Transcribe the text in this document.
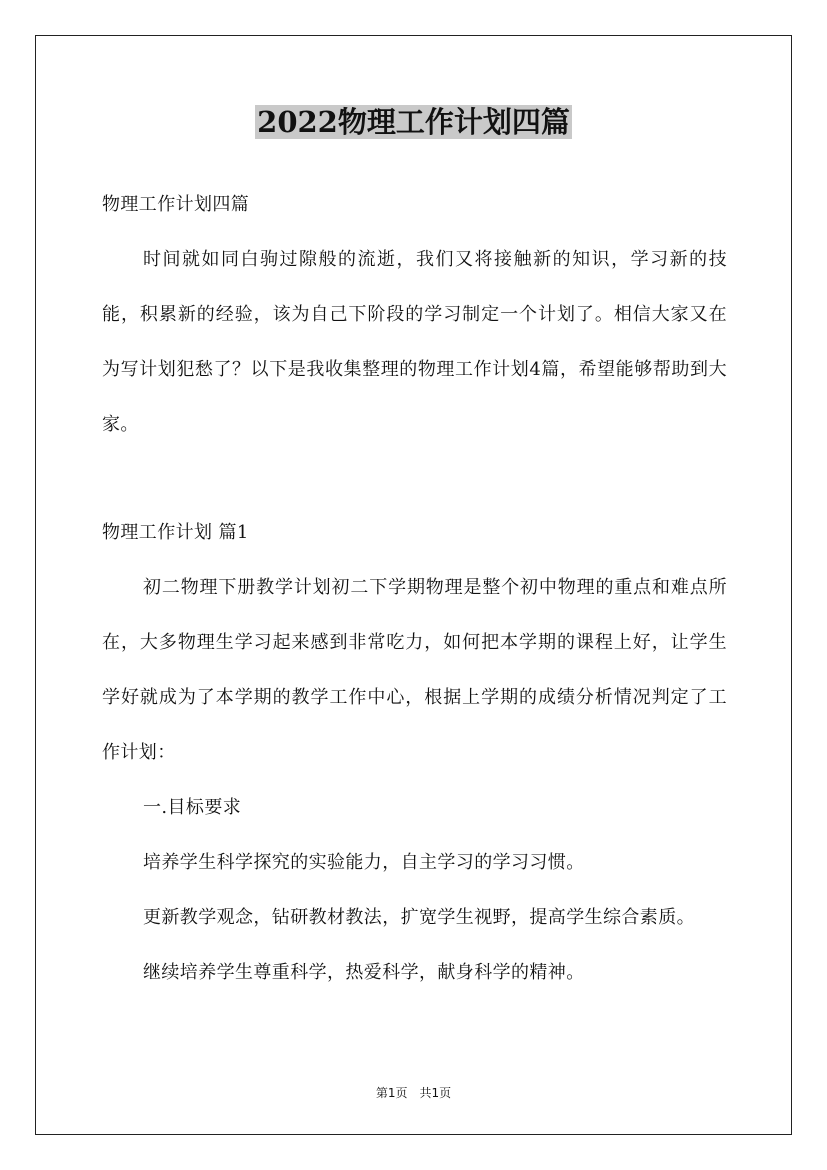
2022物理工作计划四篇

物理工作计划四篇

时间就如同白驹过隙般的流逝，我们又将接触新的知识，学习新的技能，积累新的经验，该为自己下阶段的学习制定一个计划了。相信大家又在为写计划犯愁了？以下是我收集整理的物理工作计划4篇，希望能够帮助到大家。

物理工作计划 篇1

初二物理下册教学计划初二下学期物理是整个初中物理的重点和难点所在，大多物理生学习起来感到非常吃力，如何把本学期的课程上好，让学生学好就成为了本学期的教学工作中心，根据上学期的成绩分析情况判定了工作计划：

一.目标要求

培养学生科学探究的实验能力，自主学习的学习习惯。

更新教学观念，钻研教材教法，扩宽学生视野，提高学生综合素质。

继续培养学生尊重科学，热爱科学，献身科学的精神。

第1页　共1页
